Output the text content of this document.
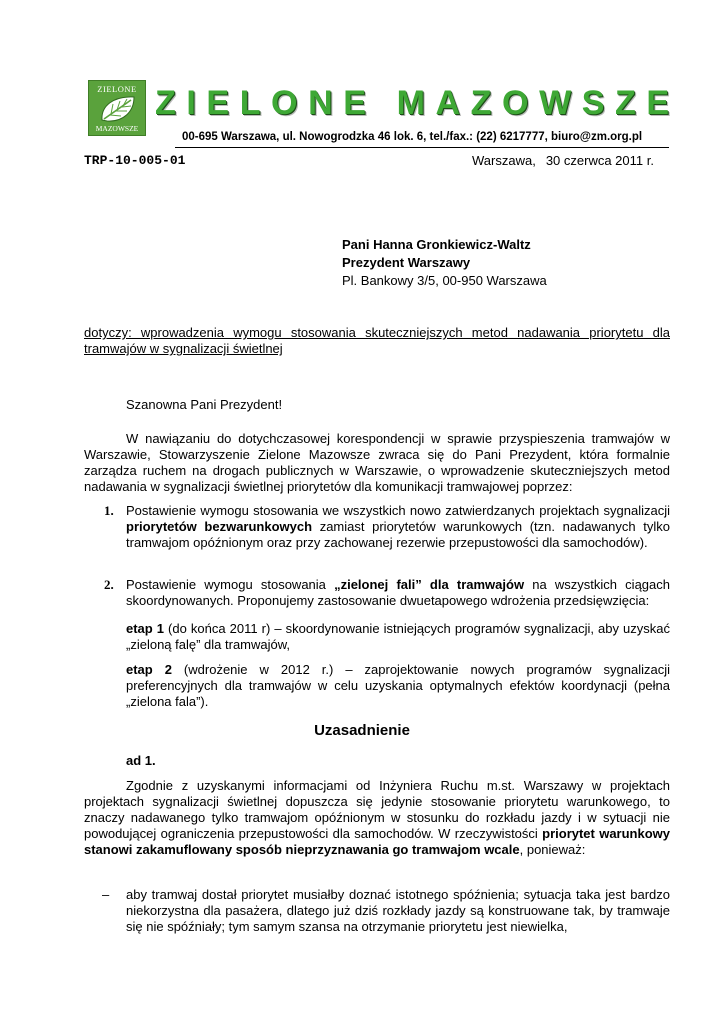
ZIELONE
MAZOWSZE
ZIELONE MAZOWSZE
00-695 Warszawa, ul. Nowogrodzka 46 lok. 6, tel./fax.: (22) 6217777, biuro@zm.org.pl
TRP-10-005-01	Warszawa, 30 czerwca 2011 r.
Pani Hanna Gronkiewicz-Waltz
Prezydent Warszawy
Pl. Bankowy 3/5, 00-950 Warszawa
dotyczy: wprowadzenia wymogu stosowania skuteczniejszych metod nadawania priorytetu dla tramwajów w sygnalizacji świetlnej
Szanowna Pani Prezydent!
W nawiązaniu do dotychczasowej korespondencji w sprawie przyspieszenia tramwajów w Warszawie, Stowarzyszenie Zielone Mazowsze zwraca się do Pani Prezydent, która formalnie zarządza ruchem na drogach publicznych w Warszawie, o wprowadzenie skuteczniejszych metod nadawania w sygnalizacji świetlnej priorytetów dla komunikacji tramwajowej poprzez:
1. Postawienie wymogu stosowania we wszystkich nowo zatwierdzanych projektach sygnalizacji priorytetów bezwarunkowych zamiast priorytetów warunkowych (tzn. nadawanych tylko tramwajom opóźnionym oraz przy zachowanej rezerwie przepustowości dla samochodów).
2. Postawienie wymogu stosowania „zielonej fali” dla tramwajów na wszystkich ciągach skoordynowanych. Proponujemy zastosowanie dwuetapowego wdrożenia przedsięwzięcia:
etap 1 (do końca 2011 r) – skoordynowanie istniejących programów sygnalizacji, aby uzyskać „zieloną falę” dla tramwajów,
etap 2 (wdrożenie w 2012 r.) – zaprojektowanie nowych programów sygnalizacji preferencyjnych dla tramwajów w celu uzyskania optymalnych efektów koordynacji (pełna „zielona fala”).
Uzasadnienie
ad 1.
Zgodnie z uzyskanymi informacjami od Inżyniera Ruchu m.st. Warszawy w projektach projektach sygnalizacji świetlnej dopuszcza się jedynie stosowanie priorytetu warunkowego, to znaczy nadawanego tylko tramwajom opóźnionym w stosunku do rozkładu jazdy i w sytuacji nie powodującej ograniczenia przepustowości dla samochodów. W rzeczywistości priorytet warunkowy stanowi zakamuflowany sposób nieprzyznawania go tramwajom wcale, ponieważ:
– aby tramwaj dostał priorytet musiałby doznać istotnego spóźnienia; sytuacja taka jest bardzo niekorzystna dla pasażera, dlatego już dziś rozkłady jazdy są konstruowane tak, by tramwaje się nie spóźniały; tym samym szansa na otrzymanie priorytetu jest niewielka,
